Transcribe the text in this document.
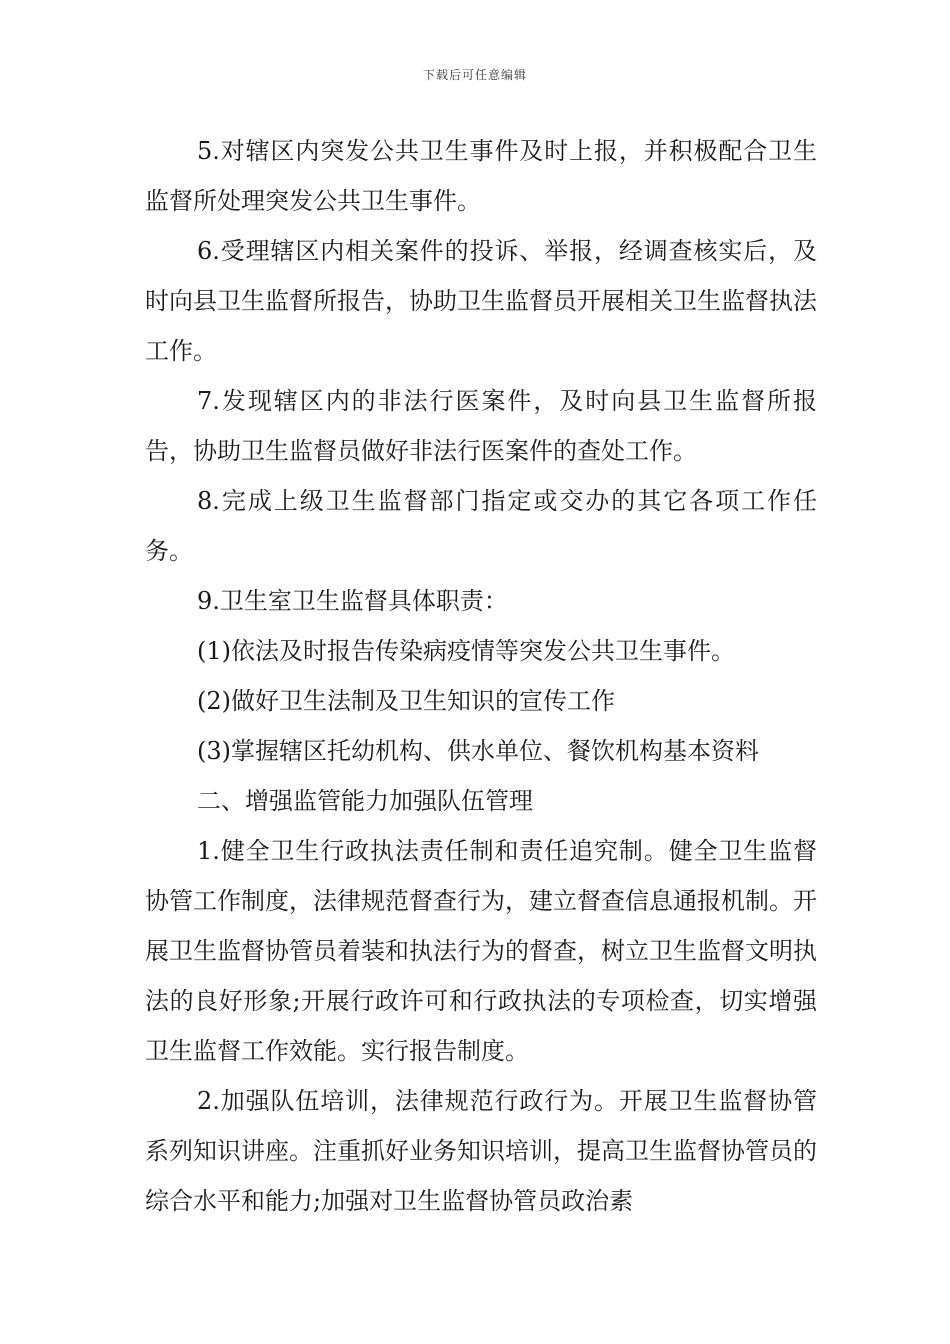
下载后可任意编辑

5.对辖区内突发公共卫生事件及时上报，并积极配合卫生监督所处理突发公共卫生事件。

6.受理辖区内相关案件的投诉、举报，经调查核实后，及时向县卫生监督所报告，协助卫生监督员开展相关卫生监督执法工作。

7.发现辖区内的非法行医案件，及时向县卫生监督所报告，协助卫生监督员做好非法行医案件的查处工作。

8.完成上级卫生监督部门指定或交办的其它各项工作任务。

9.卫生室卫生监督具体职责：

(1)依法及时报告传染病疫情等突发公共卫生事件。

(2)做好卫生法制及卫生知识的宣传工作

(3)掌握辖区托幼机构、供水单位、餐饮机构基本资料

二、增强监管能力加强队伍管理

1.健全卫生行政执法责任制和责任追究制。健全卫生监督协管工作制度，法律规范督查行为，建立督查信息通报机制。开展卫生监督协管员着装和执法行为的督查，树立卫生监督文明执法的良好形象;开展行政许可和行政执法的专项检查，切实增强卫生监督工作效能。实行报告制度。

2.加强队伍培训，法律规范行政行为。开展卫生监督协管系列知识讲座。注重抓好业务知识培训，提高卫生监督协管员的综合水平和能力;加强对卫生监督协管员政治素
